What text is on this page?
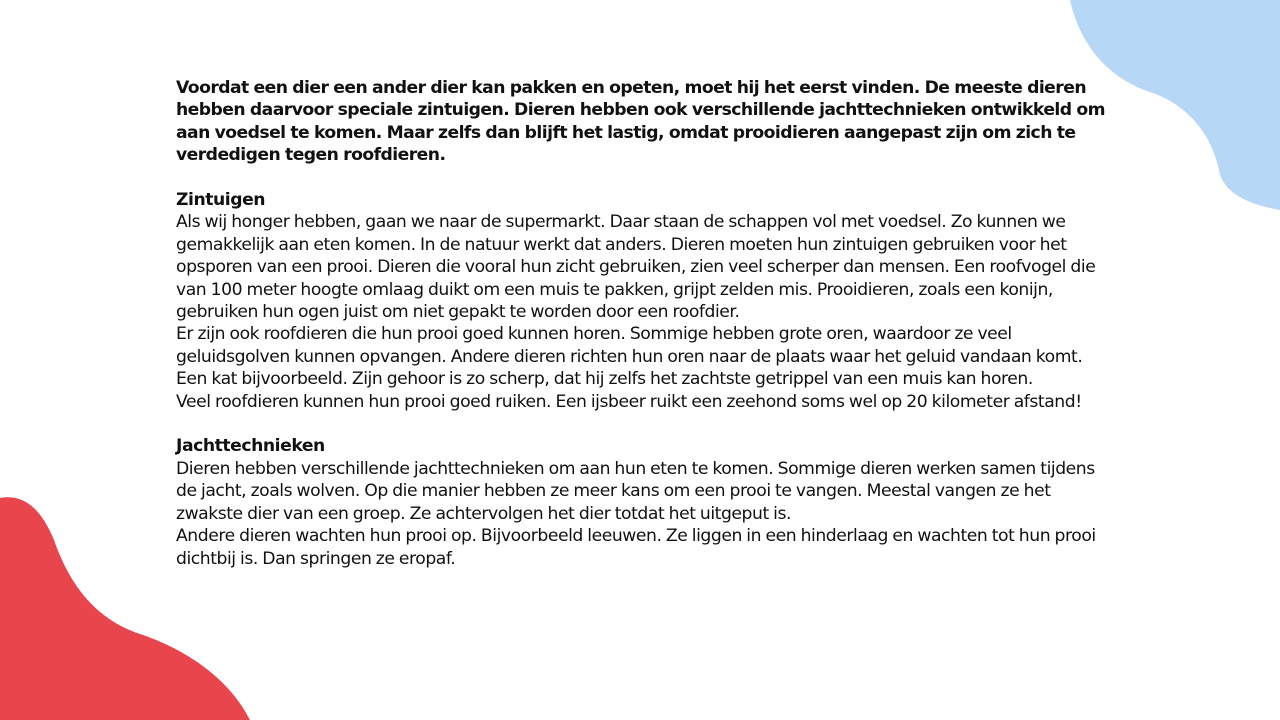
Voordat een dier een ander dier kan pakken en opeten, moet hij het eerst vinden. De meeste dieren hebben daarvoor speciale zintuigen. Dieren hebben ook verschillende jachttechnieken ontwikkeld om aan voedsel te komen. Maar zelfs dan blijft het lastig, omdat prooidieren aangepast zijn om zich te verdedigen tegen roofdieren.

Zintuigen

Als wij honger hebben, gaan we naar de supermarkt. Daar staan de schappen vol met voedsel. Zo kunnen we gemakkelijk aan eten komen. In de natuur werkt dat anders. Dieren moeten hun zintuigen gebruiken voor het opsporen van een prooi. Dieren die vooral hun zicht gebruiken, zien veel scherper dan mensen. Een roofvogel die van 100 meter hoogte omlaag duikt om een muis te pakken, grijpt zelden mis. Prooidieren, zoals een konijn, gebruiken hun ogen juist om niet gepakt te worden door een roofdier.

Er zijn ook roofdieren die hun prooi goed kunnen horen. Sommige hebben grote oren, waardoor ze veel geluidsgolven kunnen opvangen. Andere dieren richten hun oren naar de plaats waar het geluid vandaan komt. Een kat bijvoorbeeld. Zijn gehoor is zo scherp, dat hij zelfs het zachtste getrippel van een muis kan horen.

Veel roofdieren kunnen hun prooi goed ruiken. Een ijsbeer ruikt een zeehond soms wel op 20 kilometer afstand!

Jachttechnieken

Dieren hebben verschillende jachttechnieken om aan hun eten te komen. Sommige dieren werken samen tijdens de jacht, zoals wolven. Op die manier hebben ze meer kans om een prooi te vangen. Meestal vangen ze het zwakste dier van een groep. Ze achtervolgen het dier totdat het uitgeput is.

Andere dieren wachten hun prooi op. Bijvoorbeeld leeuwen. Ze liggen in een hinderlaag en wachten tot hun prooi dichtbij is. Dan springen ze eropaf.
